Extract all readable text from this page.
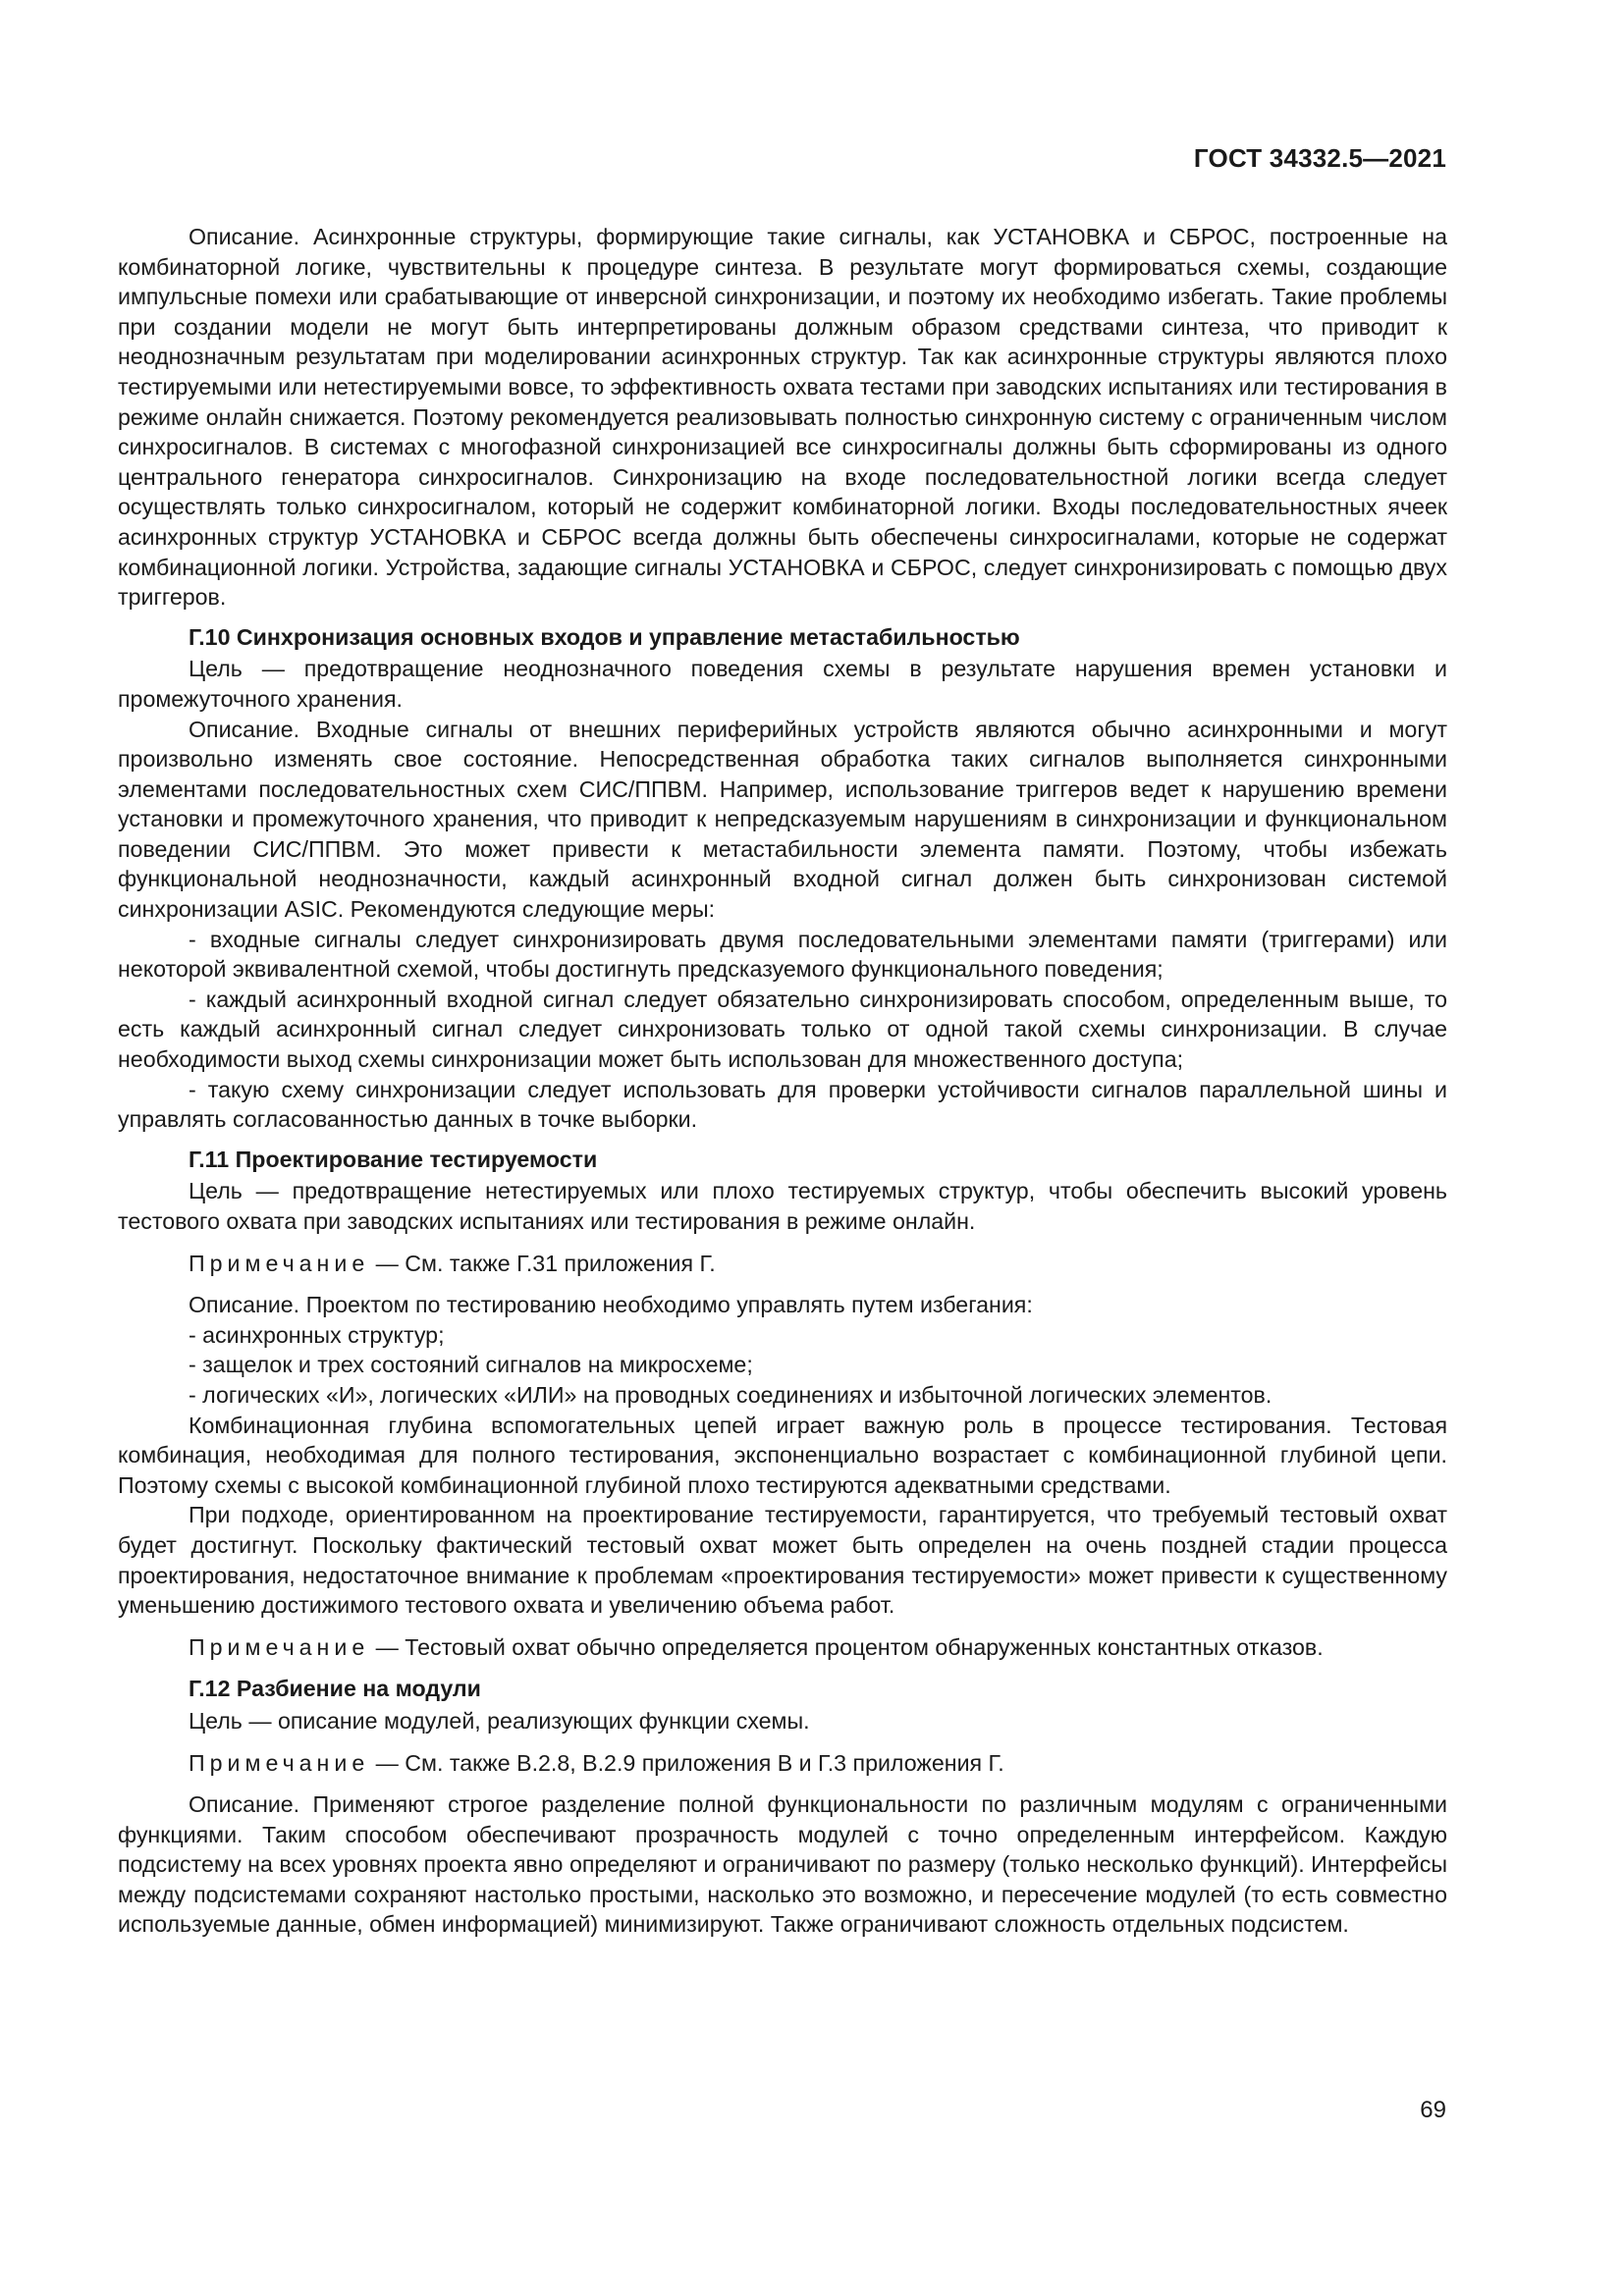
ГОСТ 34332.5—2021

Описание. Асинхронные структуры, формирующие такие сигналы, как УСТАНОВКА и СБРОС, построенные на комбинаторной логике, чувствительны к процедуре синтеза. В результате могут формироваться схемы, создающие импульсные помехи или срабатывающие от инверсной синхронизации, и поэтому их необходимо избегать. Такие проблемы при создании модели не могут быть интерпретированы должным образом средствами синтеза, что приводит к неоднозначным результатам при моделировании асинхронных структур. Так как асинхронные структуры являются плохо тестируемыми или нетестируемыми вовсе, то эффективность охвата тестами при заводских испытаниях или тестирования в режиме онлайн снижается. Поэтому рекомендуется реализовывать полностью синхронную систему с ограниченным числом синхросигналов. В системах с многофазной синхронизацией все синхросигналы должны быть сформированы из одного центрального генератора синхросигналов. Синхронизацию на входе последовательностной логики всегда следует осуществлять только синхросигналом, который не содержит комбинаторной логики. Входы последовательностных ячеек асинхронных структур УСТАНОВКА и СБРОС всегда должны быть обеспечены синхросигналами, которые не содержат комбинационной логики. Устройства, задающие сигналы УСТАНОВКА и СБРОС, следует синхронизировать с помощью двух триггеров.

Г.10 Синхронизация основных входов и управление метастабильностью

Цель — предотвращение неоднозначного поведения схемы в результате нарушения времен установки и промежуточного хранения.

Описание. Входные сигналы от внешних периферийных устройств являются обычно асинхронными и могут произвольно изменять свое состояние. Непосредственная обработка таких сигналов выполняется синхронными элементами последовательностных схем СИС/ППВМ. Например, использование триггеров ведет к нарушению времени установки и промежуточного хранения, что приводит к непредсказуемым нарушениям в синхронизации и функциональном поведении СИС/ППВМ. Это может привести к метастабильности элемента памяти. Поэтому, чтобы избежать функциональной неоднозначности, каждый асинхронный входной сигнал должен быть синхронизован системой синхронизации ASIC. Рекомендуются следующие меры:

- входные сигналы следует синхронизировать двумя последовательными элементами памяти (триггерами) или некоторой эквивалентной схемой, чтобы достигнуть предсказуемого функционального поведения;

- каждый асинхронный входной сигнал следует обязательно синхронизировать способом, определенным выше, то есть каждый асинхронный сигнал следует синхронизовать только от одной такой схемы синхронизации. В случае необходимости выход схемы синхронизации может быть использован для множественного доступа;

- такую схему синхронизации следует использовать для проверки устойчивости сигналов параллельной шины и управлять согласованностью данных в точке выборки.

Г.11 Проектирование тестируемости

Цель — предотвращение нетестируемых или плохо тестируемых структур, чтобы обеспечить высокий уровень тестового охвата при заводских испытаниях или тестирования в режиме онлайн.

Примечание — См. также Г.31 приложения Г.

Описание. Проектом по тестированию необходимо управлять путем избегания:

- асинхронных структур;

- защелок и трех состояний сигналов на микросхеме;

- логических «И», логических «ИЛИ» на проводных соединениях и избыточной логических элементов.

Комбинационная глубина вспомогательных цепей играет важную роль в процессе тестирования. Тестовая комбинация, необходимая для полного тестирования, экспоненциально возрастает с комбинационной глубиной цепи. Поэтому схемы с высокой комбинационной глубиной плохо тестируются адекватными средствами.

При подходе, ориентированном на проектирование тестируемости, гарантируется, что требуемый тестовый охват будет достигнут. Поскольку фактический тестовый охват может быть определен на очень поздней стадии процесса проектирования, недостаточное внимание к проблемам «проектирования тестируемости» может привести к существенному уменьшению достижимого тестового охвата и увеличению объема работ.

Примечание — Тестовый охват обычно определяется процентом обнаруженных константных отказов.

Г.12 Разбиение на модули

Цель — описание модулей, реализующих функции схемы.

Примечание — См. также В.2.8, В.2.9 приложения В и Г.3 приложения Г.

Описание. Применяют строгое разделение полной функциональности по различным модулям с ограниченными функциями. Таким способом обеспечивают прозрачность модулей с точно определенным интерфейсом. Каждую подсистему на всех уровнях проекта явно определяют и ограничивают по размеру (только несколько функций). Интерфейсы между подсистемами сохраняют настолько простыми, насколько это возможно, и пересечение модулей (то есть совместно используемые данные, обмен информацией) минимизируют. Также ограничивают сложность отдельных подсистем.

69
